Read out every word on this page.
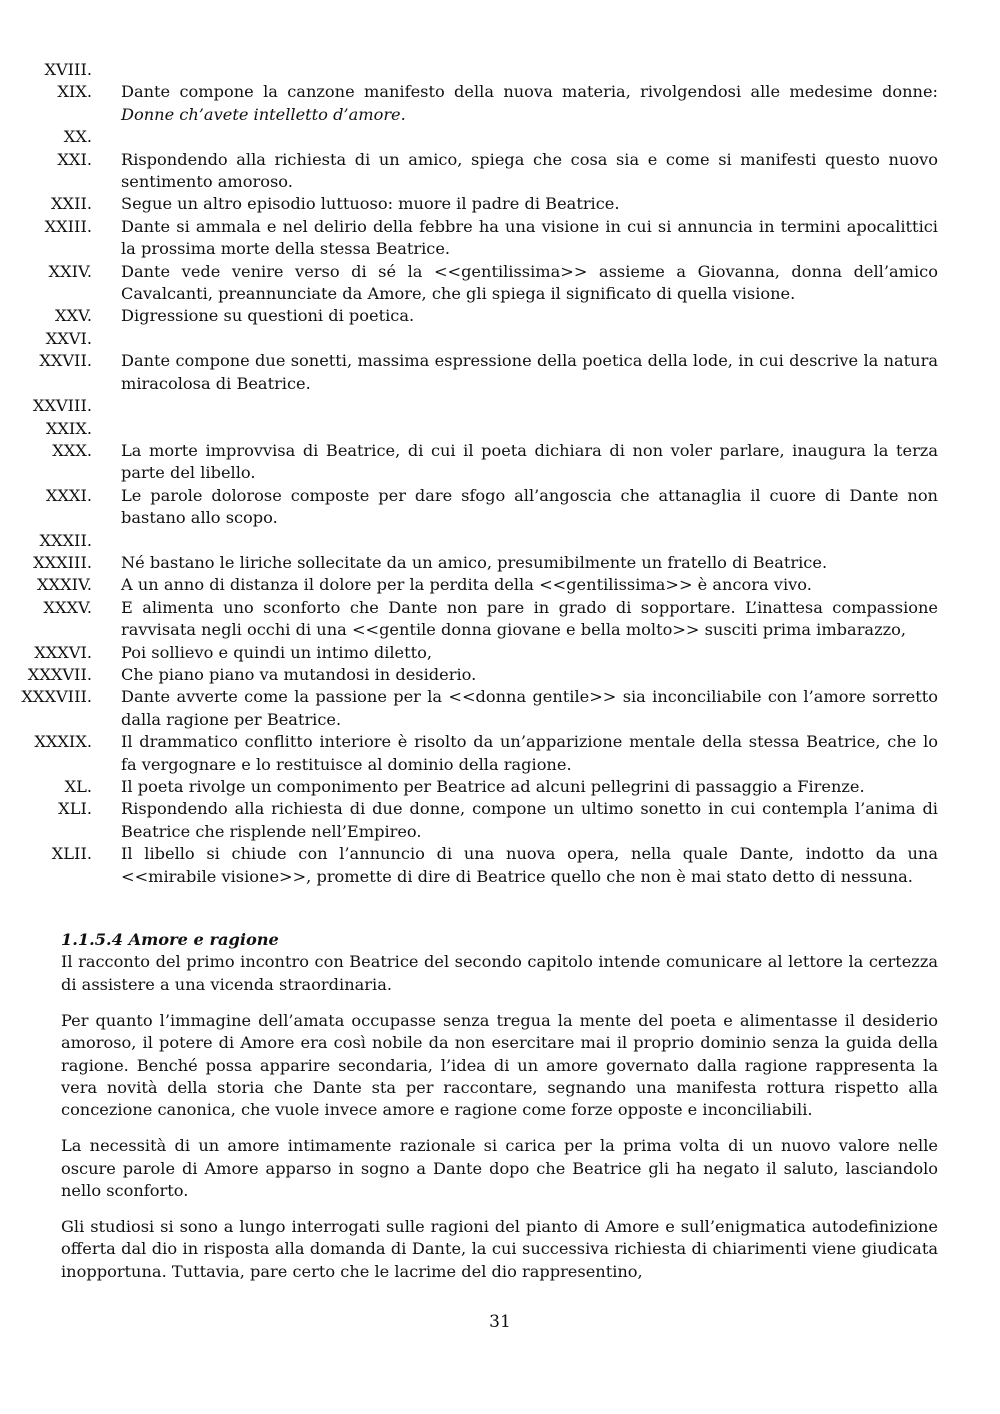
XVIII.
XIX. Dante compone la canzone manifesto della nuova materia, rivolgendosi alle medesime donne: Donne ch’avete intelletto d’amore.
XX.
XXI. Rispondendo alla richiesta di un amico, spiega che cosa sia e come si manifesti questo nuovo sentimento amoroso.
XXII. Segue un altro episodio luttuoso: muore il padre di Beatrice.
XXIII. Dante si ammala e nel delirio della febbre ha una visione in cui si annuncia in termini apocalittici la prossima morte della stessa Beatrice.
XXIV. Dante vede venire verso di sé la <<gentilissima>> assieme a Giovanna, donna dell’amico Cavalcanti, preannunciate da Amore, che gli spiega il significato di quella visione.
XXV. Digressione su questioni di poetica.
XXVI.
XXVII. Dante compone due sonetti, massima espressione della poetica della lode, in cui descrive la natura miracolosa di Beatrice.
XXVIII.
XXIX.
XXX. La morte improvvisa di Beatrice, di cui il poeta dichiara di non voler parlare, inaugura la terza parte del libello.
XXXI. Le parole dolorose composte per dare sfogo all’angoscia che attanaglia il cuore di Dante non bastano allo scopo.
XXXII.
XXXIII. Né bastano le liriche sollecitate da un amico, presumibilmente un fratello di Beatrice.
XXXIV. A un anno di distanza il dolore per la perdita della <<gentilissima>> è ancora vivo.
XXXV. E alimenta uno sconforto che Dante non pare in grado di sopportare. L’inattesa compassione ravvisata negli occhi di una <<gentile donna giovane e bella molto>> susciti prima imbarazzo,
XXXVI. Poi sollievo e quindi un intimo diletto,
XXXVII. Che piano piano va mutandosi in desiderio.
XXXVIII. Dante avverte come la passione per la <<donna gentile>> sia inconciliabile con l’amore sorretto dalla ragione per Beatrice.
XXXIX. Il drammatico conflitto interiore è risolto da un’apparizione mentale della stessa Beatrice, che lo fa vergognare e lo restituisce al dominio della ragione.
XL. Il poeta rivolge un componimento per Beatrice ad alcuni pellegrini di passaggio a Firenze.
XLI. Rispondendo alla richiesta di due donne, compone un ultimo sonetto in cui contempla l’anima di Beatrice che risplende nell’Empireo.
XLII. Il libello si chiude con l’annuncio di una nuova opera, nella quale Dante, indotto da una <<mirabile visione>>, promette di dire di Beatrice quello che non è mai stato detto di nessuna.
1.1.5.4 Amore e ragione

Il racconto del primo incontro con Beatrice del secondo capitolo intende comunicare al lettore la certezza di assistere a una vicenda straordinaria.

Per quanto l’immagine dell’amata occupasse senza tregua la mente del poeta e alimentasse il desiderio amoroso, il potere di Amore era così nobile da non esercitare mai il proprio dominio senza la guida della ragione. Benché possa apparire secondaria, l’idea di un amore governato dalla ragione rappresenta la vera novità della storia che Dante sta per raccontare, segnando una manifesta rottura rispetto alla concezione canonica, che vuole invece amore e ragione come forze opposte e inconciliabili.

La necessità di un amore intimamente razionale si carica per la prima volta di un nuovo valore nelle oscure parole di Amore apparso in sogno a Dante dopo che Beatrice gli ha negato il saluto, lasciandolo nello sconforto.

Gli studiosi si sono a lungo interrogati sulle ragioni del pianto di Amore e sull’enigmatica autodefinizione offerta dal dio in risposta alla domanda di Dante, la cui successiva richiesta di chiarimenti viene giudicata inopportuna. Tuttavia, pare certo che le lacrime del dio rappresentino,

31
